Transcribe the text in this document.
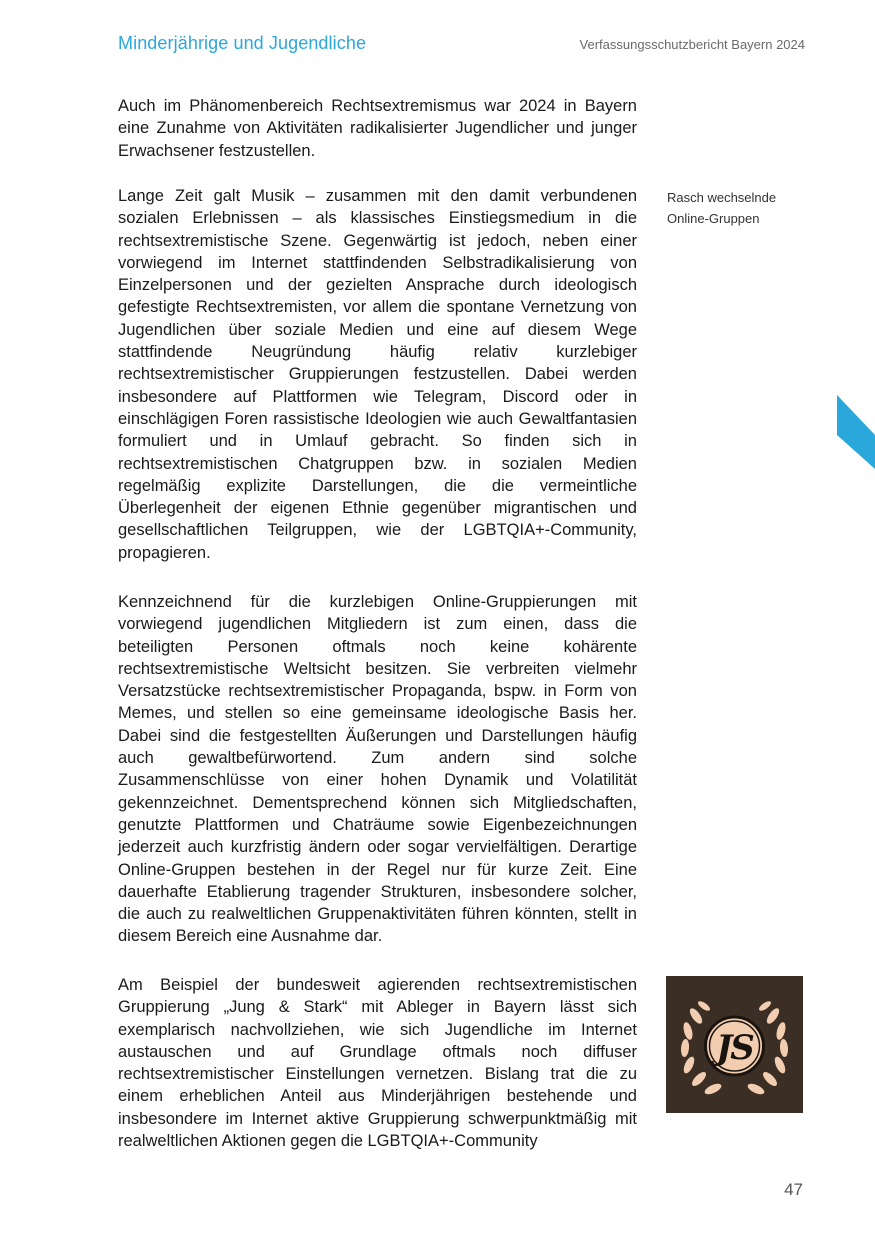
Minderjährige und Jugendliche	Verfassungsschutzbericht Bayern 2024

Auch im Phänomenbereich Rechtsextremismus war 2024 in Bayern eine Zunahme von Aktivitäten radikalisierter Jugendlicher und junger Erwachsener festzustellen.

Lange Zeit galt Musik – zusammen mit den damit verbundenen sozialen Erlebnissen – als klassisches Einstiegsmedium in die rechtsextremistische Szene. Gegenwärtig ist jedoch, neben einer vorwiegend im Internet stattfindenden Selbstradikalisierung von Einzelpersonen und der gezielten Ansprache durch ideologisch gefestigte Rechtsextremisten, vor allem die spontane Vernetzung von Jugendlichen über soziale Medien und eine auf diesem Wege stattfindende Neugründung häufig relativ kurzlebiger rechtsextremistischer Gruppierungen festzustellen. Dabei werden insbesondere auf Plattformen wie Telegram, Discord oder in einschlägigen Foren rassistische Ideologien wie auch Gewaltfantasien formuliert und in Umlauf gebracht. So finden sich in rechtsextremistischen Chatgruppen bzw. in sozialen Medien regelmäßig explizite Darstellungen, die die vermeintliche Überlegenheit der eigenen Ethnie gegenüber migrantischen und gesellschaftlichen Teilgruppen, wie der LGBTQIA+-Community, propagieren.

Kennzeichnend für die kurzlebigen Online-Gruppierungen mit vorwiegend jugendlichen Mitgliedern ist zum einen, dass die beteiligten Personen oftmals noch keine kohärente rechtsextremistische Weltsicht besitzen. Sie verbreiten vielmehr Versatzstücke rechtsextremistischer Propaganda, bspw. in Form von Memes, und stellen so eine gemeinsame ideologische Basis her. Dabei sind die festgestellten Äußerungen und Darstellungen häufig auch gewaltbefürwortend. Zum andern sind solche Zusammenschlüsse von einer hohen Dynamik und Volatilität gekennzeichnet. Dementsprechend können sich Mitgliedschaften, genutzte Plattformen und Chaträume sowie Eigenbezeichnungen jederzeit auch kurzfristig ändern oder sogar vervielfältigen. Derartige Online-Gruppen bestehen in der Regel nur für kurze Zeit. Eine dauerhafte Etablierung tragender Strukturen, insbesondere solcher, die auch zu realweltlichen Gruppenaktivitäten führen könnten, stellt in diesem Bereich eine Ausnahme dar.

Am Beispiel der bundesweit agierenden rechtsextremistischen Gruppierung „Jung & Stark“ mit Ableger in Bayern lässt sich exemplarisch nachvollziehen, wie sich Jugendliche im Internet austauschen und auf Grundlage oftmals noch diffuser rechtsextremistischer Einstellungen vernetzen. Bislang trat die zu einem erheblichen Anteil aus Minderjährigen bestehende und insbesondere im Internet aktive Gruppierung schwerpunktmäßig mit realweltlichen Aktionen gegen die LGBTQIA+-Community

Rasch wechselnde
Online-Gruppen
JS
47
